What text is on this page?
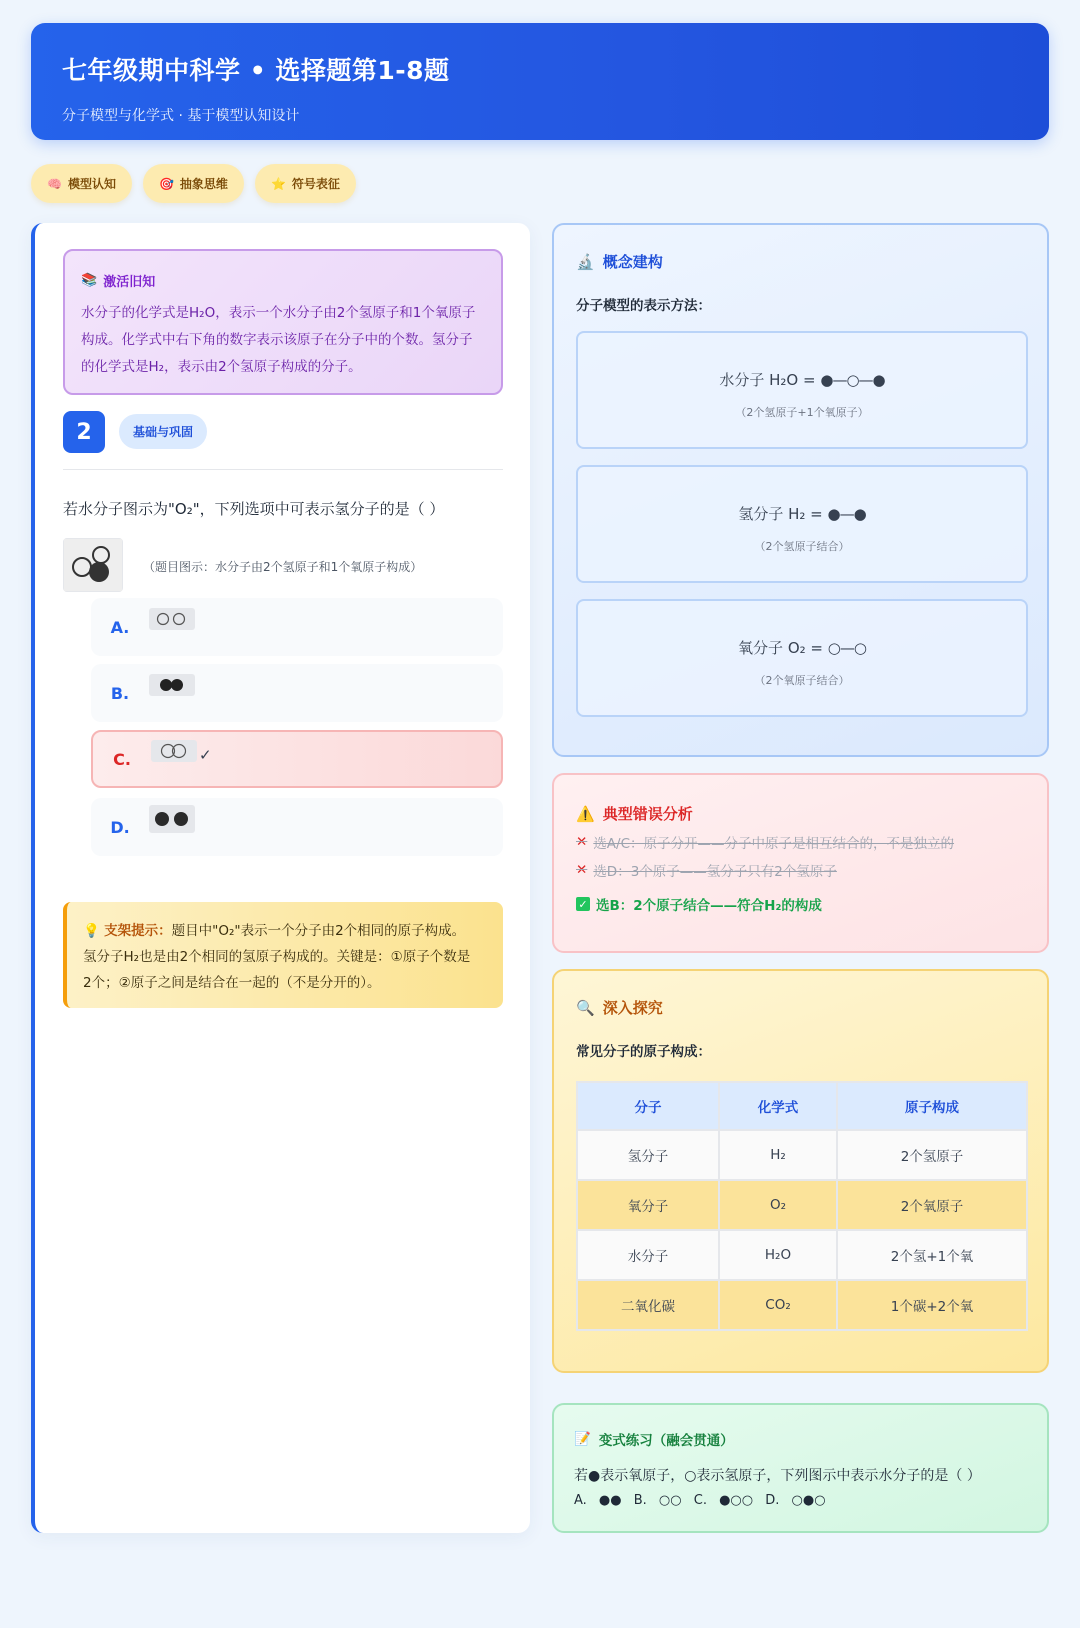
七年级期中科学 • 选择题第1-8题
分子模型与化学式 · 基于模型认知设计
🧠 模型认知	🎯 抽象思维	⭐ 符号表征
📚 激活旧知
水分子的化学式是H₂O，表示一个水分子由2个氢原子和1个氧原子
构成。化学式中右下角的数字表示该原子在分子中的个数。氢分子
的化学式是H₂，表示由2个氢原子构成的分子。
2	基础与巩固
若水分子图示为"O₂"，下列选项中可表示氢分子的是（ ）
（题目图示：水分子由2个氢原子和1个氧原子构成）
A.
B.
C.	✓
D.
💡 支架提示：题目中"O₂"表示一个分子由2个相同的原子构成。
氢分子H₂也是由2个相同的氢原子构成的。关键是：①原子个数是
2个；②原子之间是结合在一起的（不是分开的）。
🔬 概念建构
分子模型的表示方法：
水分子 H₂O = ●—○—●
（2个氢原子+1个氧原子）
氢分子 H₂ = ●—●
（2个氢原子结合）
氧分子 O₂ = ○—○
（2个氧原子结合）
⚠️ 典型错误分析
✕ 选A/C：原子分开——分子中原子是相互结合的，不是独立的
✕ 选D：3个原子——氢分子只有2个氢原子
✓ 选B：2个原子结合——符合H₂的构成
🔍 深入探究
常见分子的原子构成：
分子	化学式	原子构成
氢分子	H₂	2个氢原子
氧分子	O₂	2个氧原子
水分子	H₂O	2个氢+1个氧
二氧化碳	CO₂	1个碳+2个氧
📝 变式练习（融会贯通）
若●表示氧原子，○表示氢原子，下列图示中表示水分子的是（ ）
A. ●● B. ○○ C. ●○○ D. ○●○
